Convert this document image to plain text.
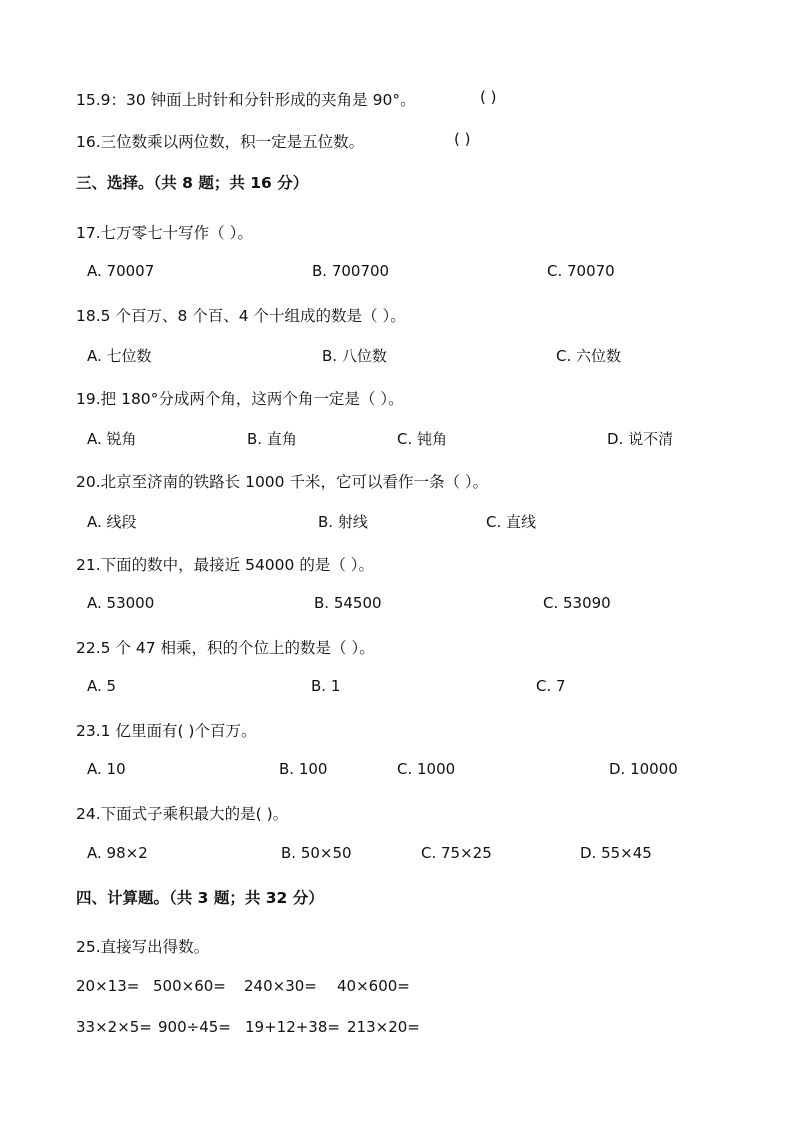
15.9：30 钟面上时针和分针形成的夹角是 90°。	( )
16.三位数乘以两位数，积一定是五位数。	( )
三、选择。（共 8 题；共 16 分）
17.七万零七十写作（ ）。
A. 70007	B. 700700	C. 70070
18.5 个百万、8 个百、4 个十组成的数是（ ）。
A. 七位数	B. 八位数	C. 六位数
19.把 180°分成两个角，这两个角一定是（ ）。
A. 锐角	B. 直角	C. 钝角	D. 说不清
20.北京至济南的铁路长 1000 千米，它可以看作一条（ ）。
A. 线段	B. 射线	C. 直线
21.下面的数中，最接近 54000 的是（ ）。
A. 53000	B. 54500	C. 53090
22.5 个 47 相乘，积的个位上的数是（ ）。
A. 5	B. 1	C. 7
23.1 亿里面有( )个百万。
A. 10	B. 100	C. 1000	D. 10000
24.下面式子乘积最大的是( )。
A. 98×2	B. 50×50	C. 75×25	D. 55×45
四、计算题。（共 3 题；共 32 分）
25.直接写出得数。
20×13= 500×60= 240×30= 40×600=
33×2×5= 900÷45= 19+12+38= 213×20=
